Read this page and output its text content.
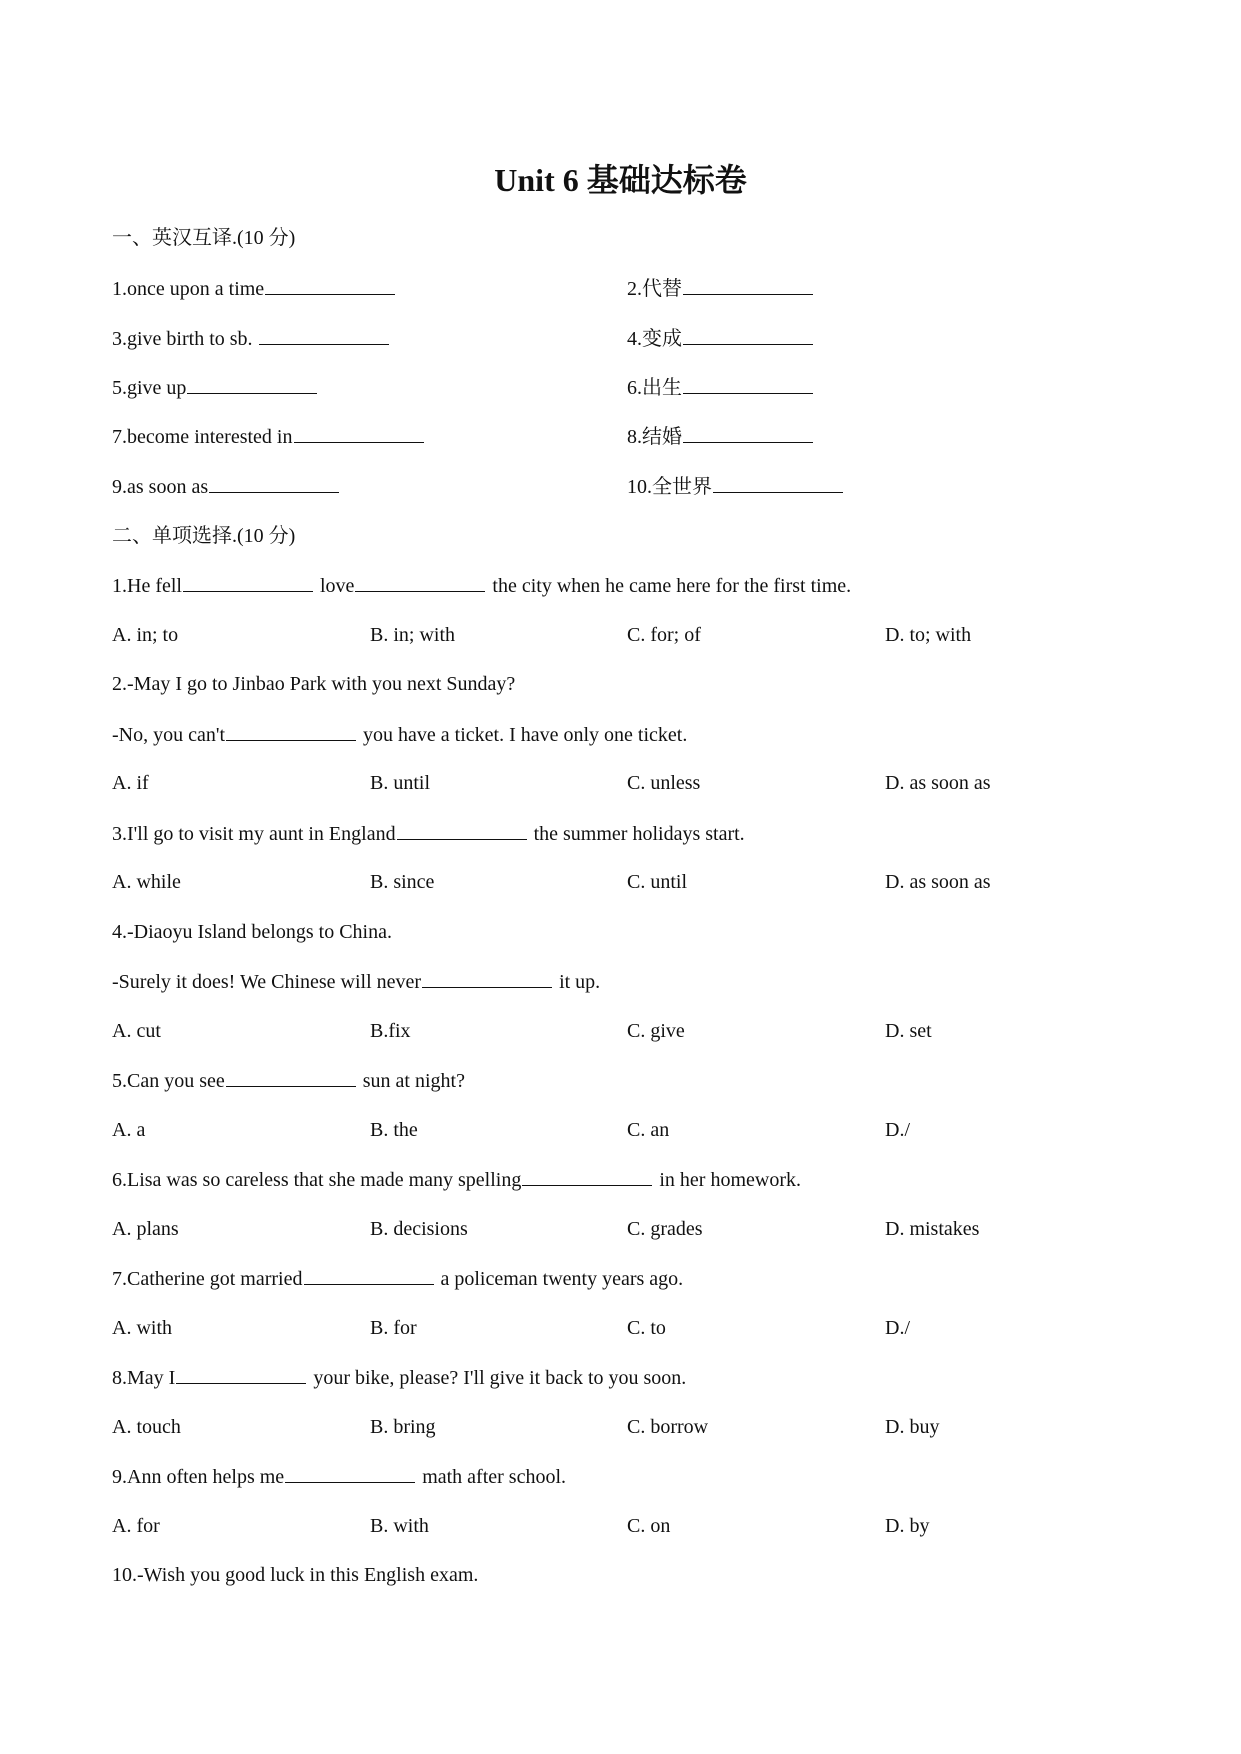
Unit 6 基础达标卷
一、英汉互译.(10 分)
1.once upon a time	2.代替
3.give birth to sb.	4.变成
5.give up	6.出生
7.become interested in	8.结婚
9.as soon as	10.全世界
二、单项选择.(10 分)
1.He fell	love	the city when he came here for the first time.
A. in; to	B. in; with	C. for; of	D. to; with
2.-May I go to Jinbao Park with you next Sunday?
-No, you can't	you have a ticket. I have only one ticket.
A. if	B. until	C. unless	D. as soon as
3.I'll go to visit my aunt in England	the summer holidays start.
A. while	B. since	C. until	D. as soon as
4.-Diaoyu Island belongs to China.
-Surely it does! We Chinese will never	it up.
A. cut	B.fix	C. give	D. set
5.Can you see	sun at night?
A. a	B. the	C. an	D./
6.Lisa was so careless that she made many spelling	in her homework.
A. plans	B. decisions	C. grades	D. mistakes
7.Catherine got married	a policeman twenty years ago.
A. with	B. for	C. to	D./
8.May I	your bike, please? I'll give it back to you soon.
A. touch	B. bring	C. borrow	D. buy
9.Ann often helps me	math after school.
A. for	B. with	C. on	D. by
10.-Wish you good luck in this English exam.
